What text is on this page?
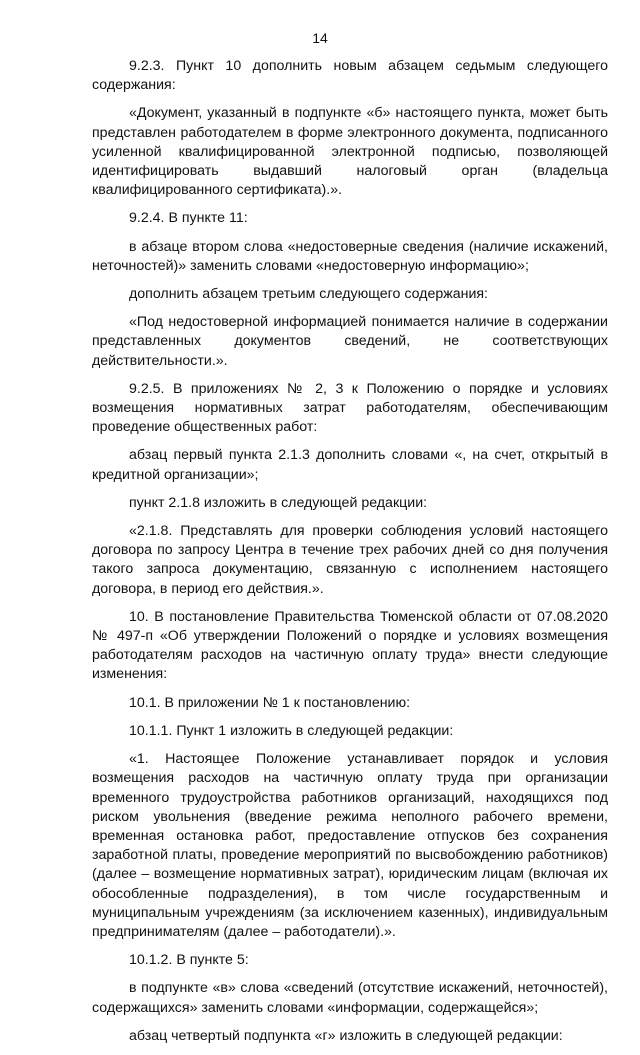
14

9.2.3. Пункт 10 дополнить новым абзацем седьмым следующего содержания:

«Документ, указанный в подпункте «б» настоящего пункта, может быть представлен работодателем в форме электронного документа, подписанного усиленной квалифицированной электронной подписью, позволяющей идентифицировать выдавший налоговый орган (владельца квалифицированного сертификата).».

9.2.4. В пункте 11:

в абзаце втором слова «недостоверные сведения (наличие искажений, неточностей)» заменить словами «недостоверную информацию»;

дополнить абзацем третьим следующего содержания:

«Под недостоверной информацией понимается наличие в содержании представленных документов сведений, не соответствующих действительности.».

9.2.5. В приложениях № 2, 3 к Положению о порядке и условиях возмещения нормативных затрат работодателям, обеспечивающим проведение общественных работ:

абзац первый пункта 2.1.3 дополнить словами «, на счет, открытый в кредитной организации»;

пункт 2.1.8 изложить в следующей редакции:

«2.1.8. Представлять для проверки соблюдения условий настоящего договора по запросу Центра в течение трех рабочих дней со дня получения такого запроса документацию, связанную с исполнением настоящего договора, в период его действия.».

10. В постановление Правительства Тюменской области от 07.08.2020 № 497-п «Об утверждении Положений о порядке и условиях возмещения работодателям расходов на частичную оплату труда» внести следующие изменения:

10.1. В приложении № 1 к постановлению:

10.1.1. Пункт 1 изложить в следующей редакции:

«1. Настоящее Положение устанавливает порядок и условия возмещения расходов на частичную оплату труда при организации временного трудоустройства работников организаций, находящихся под риском увольнения (введение режима неполного рабочего времени, временная остановка работ, предоставление отпусков без сохранения заработной платы, проведение мероприятий по высвобождению работников) (далее – возмещение нормативных затрат), юридическим лицам (включая их обособленные подразделения), в том числе государственным и муниципальным учреждениям (за исключением казенных), индивидуальным предпринимателям (далее – работодатели).».

10.1.2. В пункте 5:

в подпункте «в» слова «сведений (отсутствие искажений, неточностей), содержащихся» заменить словами «информации, содержащейся»;

абзац четвертый подпункта «г» изложить в следующей редакции:
